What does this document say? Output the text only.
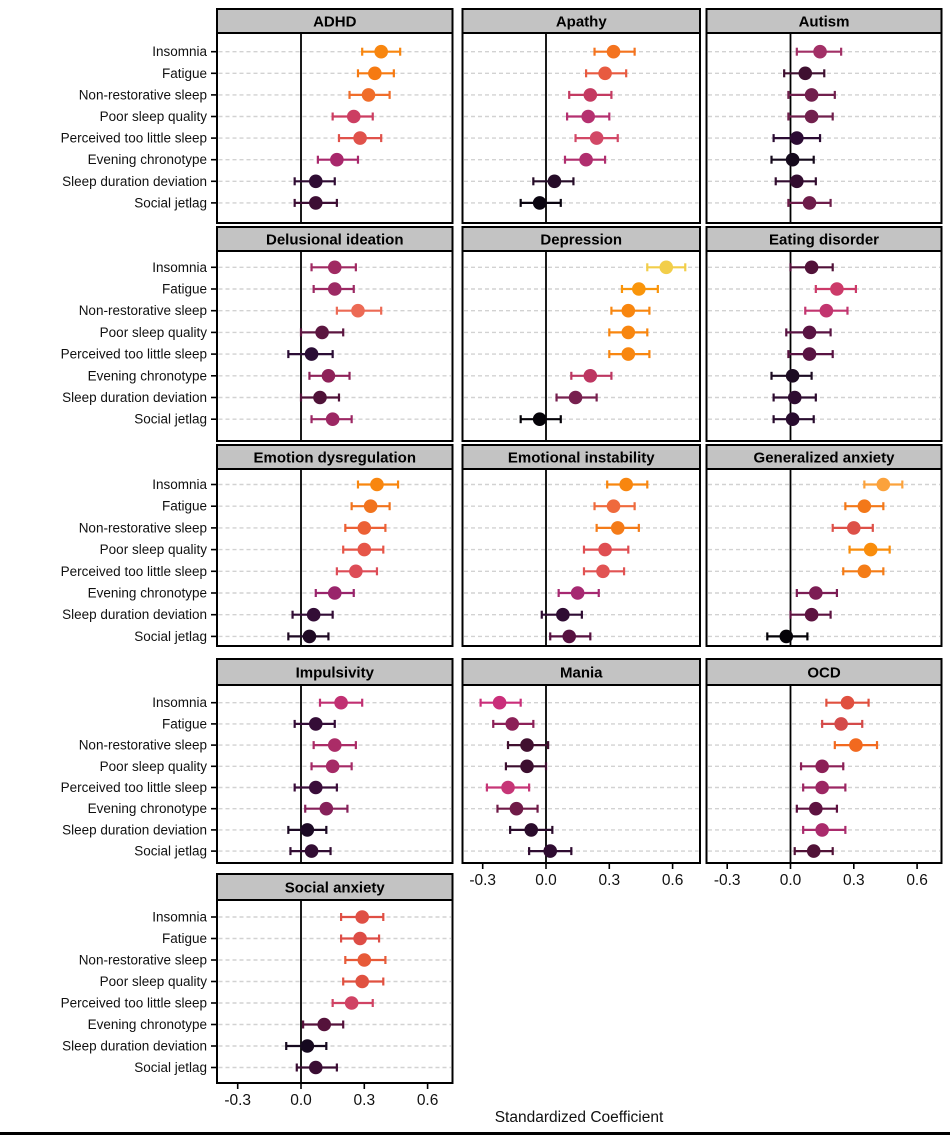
Insomnia
Fatigue
Non-restorative sleep
Poor sleep quality
Perceived too little sleep
Evening chronotype
Sleep duration deviation
Social jetlag
ADHD	Apathy	Autism
Insomnia
Fatigue
Non-restorative sleep
Poor sleep quality
Perceived too little sleep
Evening chronotype
Sleep duration deviation
Social jetlag
Delusional ideation	Depression	Eating disorder
Insomnia
Fatigue
Non-restorative sleep
Poor sleep quality
Perceived too little sleep
Evening chronotype
Sleep duration deviation
Social jetlag
Emotion dysregulation	Emotional instability	Generalized anxiety
Insomnia
Fatigue
Non-restorative sleep
Poor sleep quality
Perceived too little sleep
Evening chronotype
Sleep duration deviation
Social jetlag
Impulsivity
-0.3	0.0	0.3	0.6
Mania
-0.3	0.0	0.3	0.6
OCD
Insomnia
Fatigue
Non-restorative sleep
Poor sleep quality
Perceived too little sleep
Evening chronotype
Sleep duration deviation
Social jetlag
-0.3	0.0	0.3	0.6
Social anxiety
Standardized Coefficient
